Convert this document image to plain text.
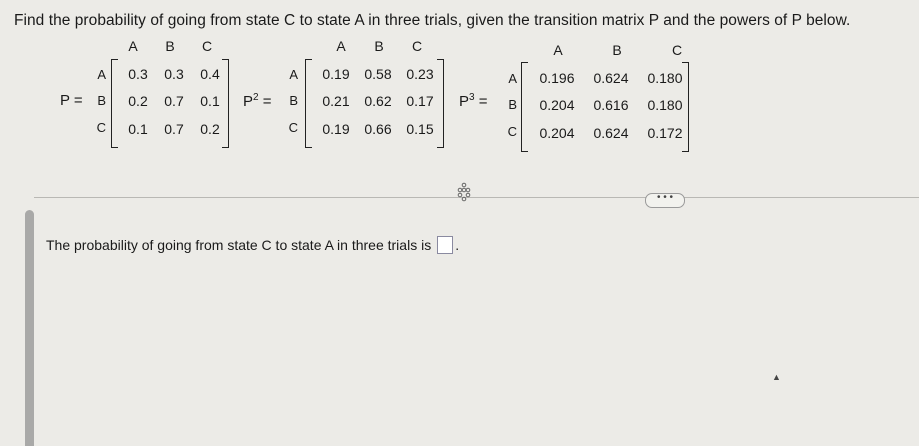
Find the probability of going from state C to state A in three trials, given the transition matrix P and the powers of P below.
P =
A	B	C
A
B
C
0.3	0.3	0.4
0.2	0.7	0.1
0.1	0.7	0.2
$P^2$ =
A	B	C
A
B
C
0.19	0.58	0.23
0.21	0.62	0.17
0.19	0.66	0.15
$P^3$ =
A	B	C
A
B
C
0.196	0.624	0.180
0.204	0.616	0.180
0.204	0.624	0.172
• • •
The probability of going from state C to state A in three trials is .
▲
